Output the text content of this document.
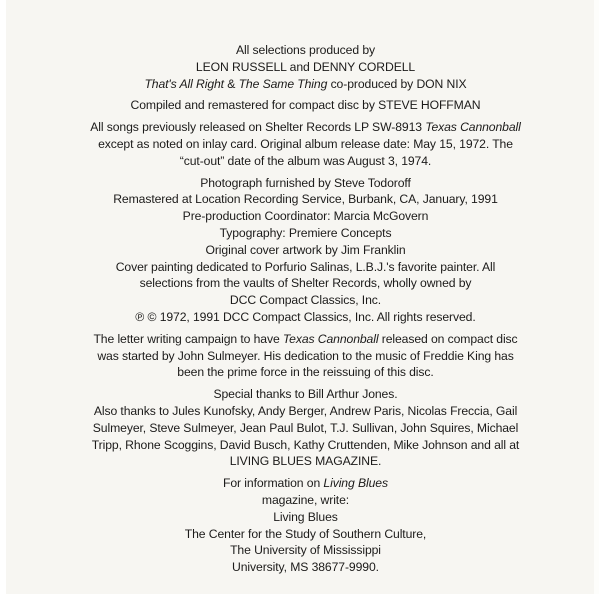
All selections produced by
LEON RUSSELL and DENNY CORDELL
That's All Right & The Same Thing co-produced by DON NIX
Compiled and remastered for compact disc by STEVE HOFFMAN
All songs previously released on Shelter Records LP SW-8913 Texas Cannonball
except as noted on inlay card. Original album release date: May 15, 1972. The
“cut-out” date of the album was August 3, 1974.
Photograph furnished by Steve Todoroff
Remastered at Location Recording Service, Burbank, CA, January, 1991
Pre-production Coordinator: Marcia McGovern
Typography: Premiere Concepts
Original cover artwork by Jim Franklin
Cover painting dedicated to Porfurio Salinas, L.B.J.'s favorite painter. All
selections from the vaults of Shelter Records, wholly owned by
DCC Compact Classics, Inc.
℗ © 1972, 1991 DCC Compact Classics, Inc. All rights reserved.
The letter writing campaign to have Texas Cannonball released on compact disc
was started by John Sulmeyer. His dedication to the music of Freddie King has
been the prime force in the reissuing of this disc.
Special thanks to Bill Arthur Jones.
Also thanks to Jules Kunofsky, Andy Berger, Andrew Paris, Nicolas Freccia, Gail
Sulmeyer, Steve Sulmeyer, Jean Paul Bulot, T.J. Sullivan, John Squires, Michael
Tripp, Rhone Scoggins, David Busch, Kathy Cruttenden, Mike Johnson and all at
LIVING BLUES MAGAZINE.
For information on Living Blues
magazine, write:
Living Blues
The Center for the Study of Southern Culture,
The University of Mississippi
University, MS 38677-9990.
